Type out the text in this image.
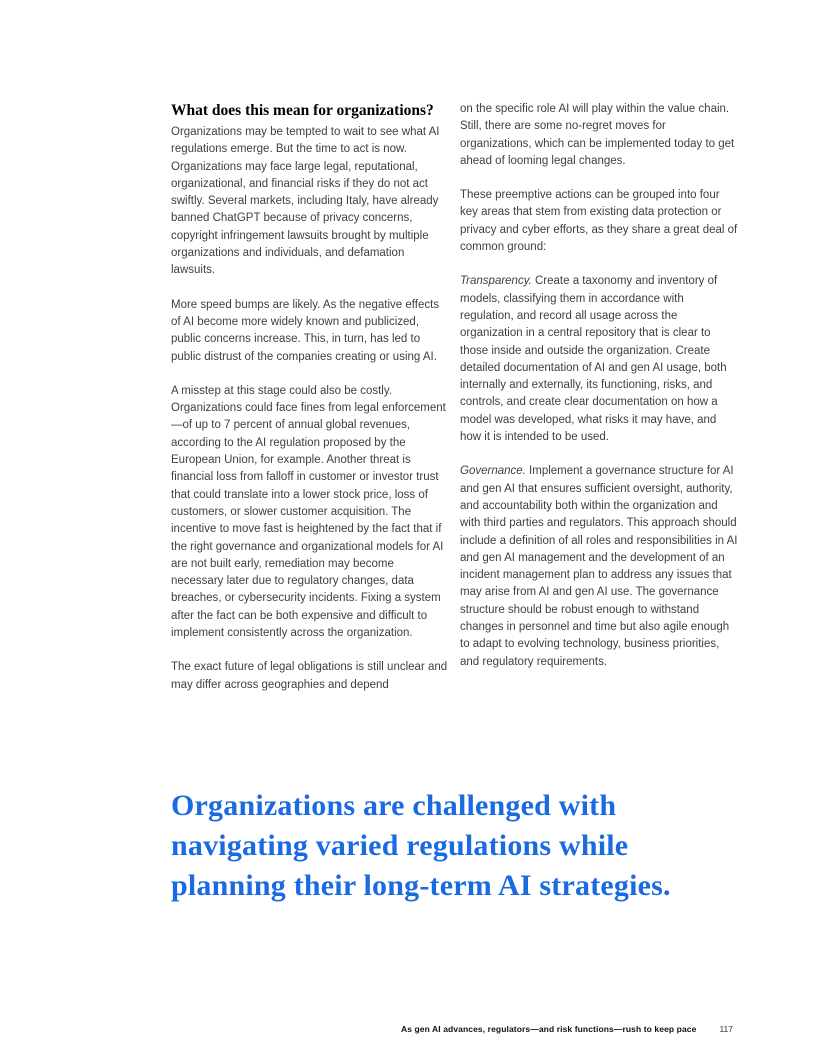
What does this mean for organizations?

Organizations may be tempted to wait to see what AI regulations emerge. But the time to act is now. Organizations may face large legal, reputational, organizational, and financial risks if they do not act swiftly. Several markets, including Italy, have already banned ChatGPT because of privacy concerns, copyright infringement lawsuits brought by multiple organizations and individuals, and defamation lawsuits.

More speed bumps are likely. As the negative effects of AI become more widely known and publicized, public concerns increase. This, in turn, has led to public distrust of the companies creating or using AI.

A misstep at this stage could also be costly. Organizations could face fines from legal enforcement—of up to 7 percent of annual global revenues, according to the AI regulation proposed by the European Union, for example. Another threat is financial loss from falloff in customer or investor trust that could translate into a lower stock price, loss of customers, or slower customer acquisition. The incentive to move fast is heightened by the fact that if the right governance and organizational models for AI are not built early, remediation may become necessary later due to regulatory changes, data breaches, or cybersecurity incidents. Fixing a system after the fact can be both expensive and difficult to implement consistently across the organization.

The exact future of legal obligations is still unclear and may differ across geographies and depend

on the specific role AI will play within the value chain. Still, there are some no-regret moves for organizations, which can be implemented today to get ahead of looming legal changes.

These preemptive actions can be grouped into four key areas that stem from existing data protection or privacy and cyber efforts, as they share a great deal of common ground:

Transparency. Create a taxonomy and inventory of models, classifying them in accordance with regulation, and record all usage across the organization in a central repository that is clear to those inside and outside the organization. Create detailed documentation of AI and gen AI usage, both internally and externally, its functioning, risks, and controls, and create clear documentation on how a model was developed, what risks it may have, and how it is intended to be used.

Governance. Implement a governance structure for AI and gen AI that ensures sufficient oversight, authority, and accountability both within the organization and with third parties and regulators. This approach should include a definition of all roles and responsibilities in AI and gen AI management and the development of an incident management plan to address any issues that may arise from AI and gen AI use. The governance structure should be robust enough to withstand changes in personnel and time but also agile enough to adapt to evolving technology, business priorities, and regulatory requirements.

Organizations are challenged with
navigating varied regulations while
planning their long-term AI strategies.
As gen AI advances, regulators—and risk functions—rush to keep pace	117
